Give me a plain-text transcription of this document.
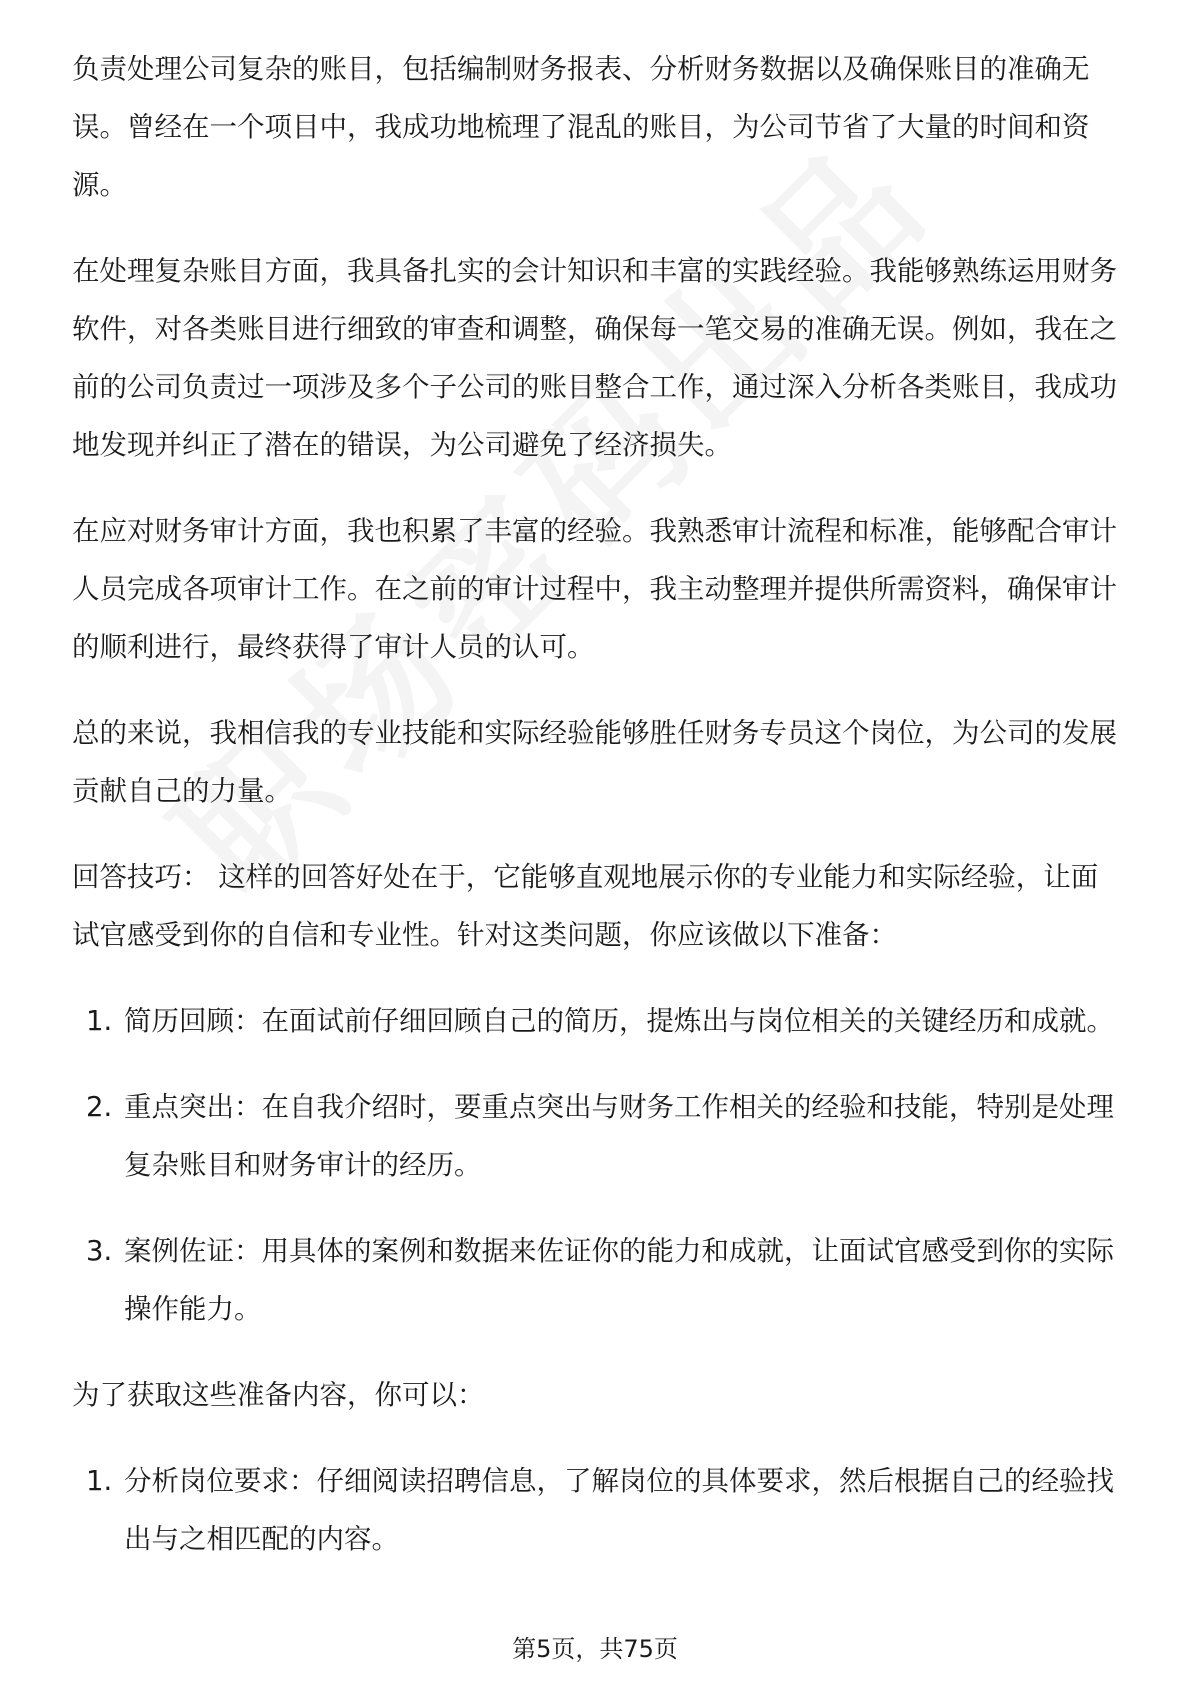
负责处理公司复杂的账目，包括编制财务报表、分析财务数据以及确保账目的准确无误。曾经在一个项目中，我成功地梳理了混乱的账目，为公司节省了大量的时间和资源。

在处理复杂账目方面，我具备扎实的会计知识和丰富的实践经验。我能够熟练运用财务软件，对各类账目进行细致的审查和调整，确保每一笔交易的准确无误。例如，我在之前的公司负责过一项涉及多个子公司的账目整合工作，通过深入分析各类账目，我成功地发现并纠正了潜在的错误，为公司避免了经济损失。

在应对财务审计方面，我也积累了丰富的经验。我熟悉审计流程和标准，能够配合审计人员完成各项审计工作。在之前的审计过程中，我主动整理并提供所需资料，确保审计的顺利进行，最终获得了审计人员的认可。

总的来说，我相信我的专业技能和实际经验能够胜任财务专员这个岗位，为公司的发展贡献自己的力量。

回答技巧： 这样的回答好处在于，它能够直观地展示你的专业能力和实际经验，让面试官感受到你的自信和专业性。针对这类问题，你应该做以下准备：

1. 简历回顾：在面试前仔细回顾自己的简历，提炼出与岗位相关的关键经历和成就。
2. 重点突出：在自我介绍时，要重点突出与财务工作相关的经验和技能，特别是处理复杂账目和财务审计的经历。
3. 案例佐证：用具体的案例和数据来佐证你的能力和成就，让面试官感受到你的实际操作能力。

为了获取这些准备内容，你可以：

1. 分析岗位要求：仔细阅读招聘信息，了解岗位的具体要求，然后根据自己的经验找出与之相匹配的内容。
第5页，共75页
